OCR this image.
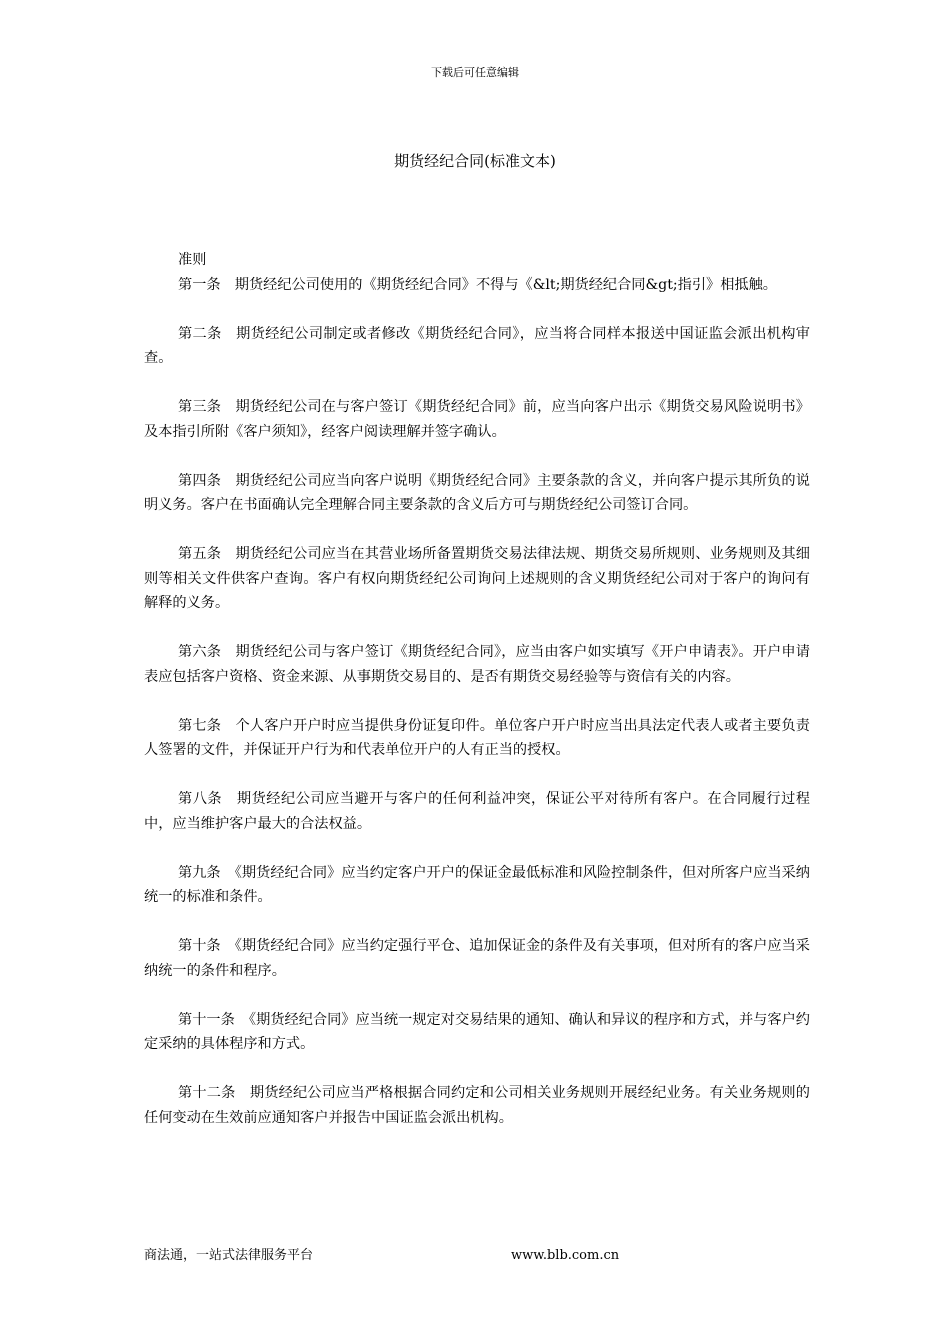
下载后可任意编辑
期货经纪合同(标准文本)

准则

第一条　 期货经纪公司使用的《期货经纪合同》不得与《&lt;期货经纪合同&gt;指引》相抵触。

第二条　 期货经纪公司制定或者修改《期货经纪合同》，应当将合同样本报送中国证监会派出机构审查。

第三条　 期货经纪公司在与客户签订《期货经纪合同》前，应当向客户出示《期货交易风险说明书》及本指引所附《客户须知》，经客户阅读理解并签字确认。

第四条　 期货经纪公司应当向客户说明《期货经纪合同》主要条款的含义，并向客户提示其所负的说明义务。客户在书面确认完全理解合同主要条款的含义后方可与期货经纪公司签订合同。

第五条　 期货经纪公司应当在其营业场所备置期货交易法律法规、期货交易所规则、业务规则及其细则等相关文件供客户查询。客户有权向期货经纪公司询问上述规则的含义期货经纪公司对于客户的询问有解释的义务。

第六条　 期货经纪公司与客户签订《期货经纪合同》，应当由客户如实填写《开户申请表》。开户申请表应包括客户资格、资金来源、从事期货交易目的、是否有期货交易经验等与资信有关的内容。

第七条　 个人客户开户时应当提供身份证复印件。单位客户开户时应当出具法定代表人或者主要负责人签署的文件，并保证开户行为和代表单位开户的人有正当的授权。

第八条　 期货经纪公司应当避开与客户的任何利益冲突，保证公平对待所有客户。在合同履行过程中，应当维护客户最大的合法权益。

第九条　 《期货经纪合同》应当约定客户开户的保证金最低标准和风险控制条件，但对所客户应当采纳统一的标准和条件。

第十条　 《期货经纪合同》应当约定强行平仓、追加保证金的条件及有关事项，但对所有的客户应当采纳统一的条件和程序。

第十一条　 《期货经纪合同》应当统一规定对交易结果的通知、确认和异议的程序和方式，并与客户约定采纳的具体程序和方式。

第十二条　 期货经纪公司应当严格根据合同约定和公司相关业务规则开展经纪业务。有关业务规则的任何变动在生效前应通知客户并报告中国证监会派出机构。

商法通，一站式法律服务平台	www.blb.com.cn
